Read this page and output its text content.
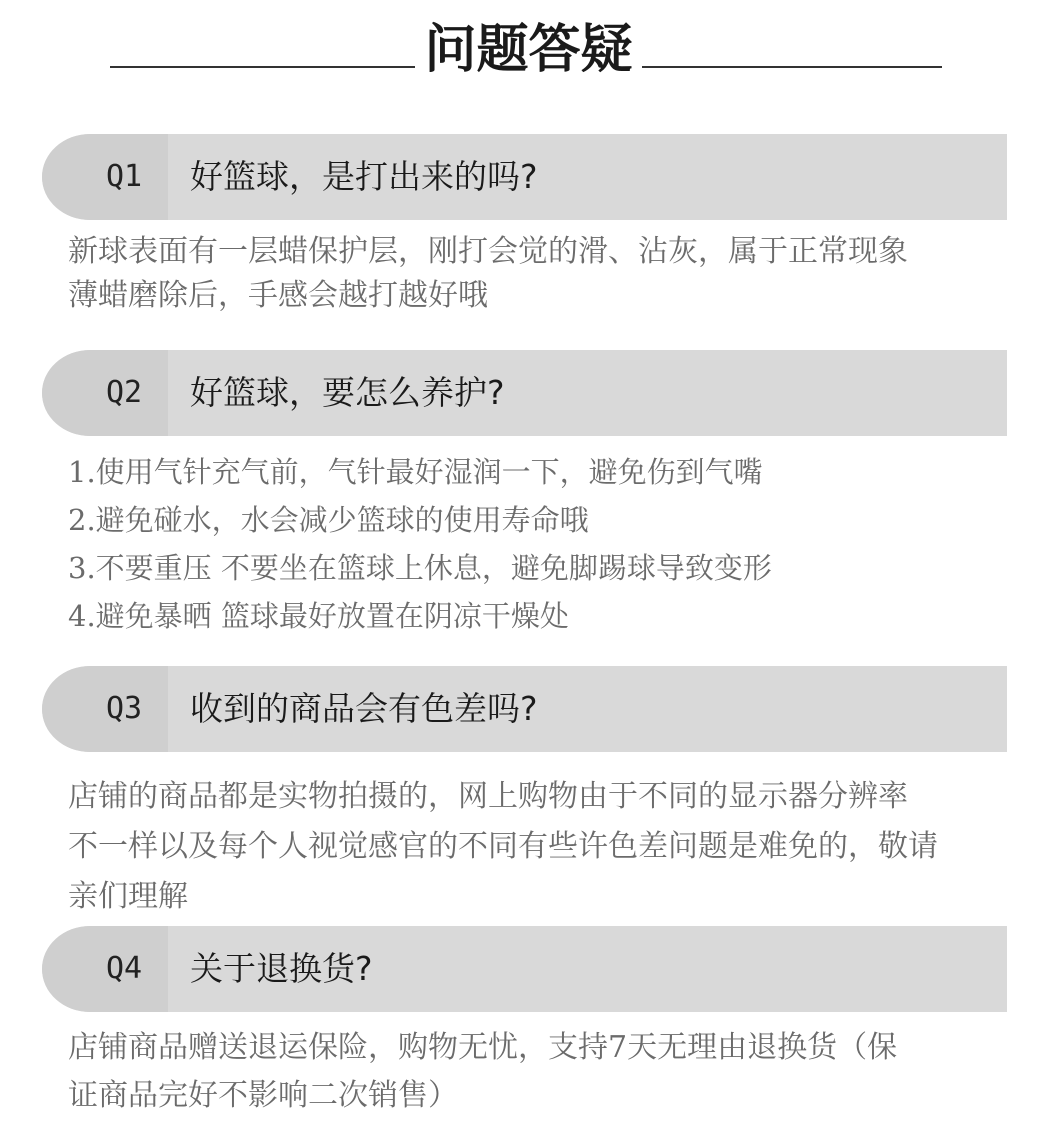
问题答疑
Q1 好篮球，是打出来的吗?
新球表面有一层蜡保护层，刚打会觉的滑、沾灰，属于正常现象
薄蜡磨除后，手感会越打越好哦
Q2 好篮球，要怎么养护?
1.使用气针充气前，气针最好湿润一下，避免伤到气嘴
2.避免碰水，水会减少篮球的使用寿命哦
3.不要重压 不要坐在篮球上休息，避免脚踢球导致变形
4.避免暴晒 篮球最好放置在阴凉干燥处
Q3 收到的商品会有色差吗?
店铺的商品都是实物拍摄的，网上购物由于不同的显示器分辨率
不一样以及每个人视觉感官的不同有些许色差问题是难免的，敬请
亲们理解
Q4 关于退换货?
店铺商品赠送退运保险，购物无忧，支持7天无理由退换货（保
证商品完好不影响二次销售）
